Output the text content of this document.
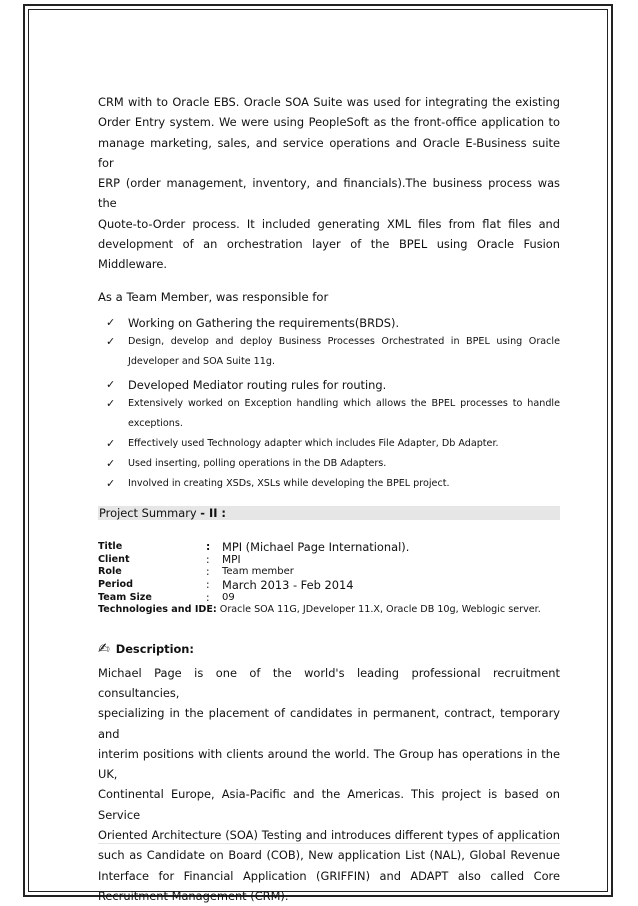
CRM with to Oracle EBS. Oracle SOA Suite was used for integrating the existing
Order Entry system. We were using PeopleSoft as the front-office application to
manage marketing, sales, and service operations and Oracle E-Business suite for
ERP (order management, inventory, and financials).The business process was the
Quote-to-Order process. It included generating XML files from flat files and
development of an orchestration layer of the BPEL using Oracle Fusion Middleware.

As a Team Member, was responsible for
✓ Working on Gathering the requirements(BRDS).
✓ Design, develop and deploy Business Processes Orchestrated in BPEL using Oracle
Jdeveloper and SOA Suite 11g.
✓ Developed Mediator routing rules for routing.
✓ Extensively worked on Exception handling which allows the BPEL processes to handle
exceptions.
✓ Effectively used Technology adapter which includes File Adapter, Db Adapter.
✓ Used inserting, polling operations in the DB Adapters.
✓ Involved in creating XSDs, XSLs while developing the BPEL project.
Project Summary - II :
Title	:	MPI (Michael Page International).
Client	:	MPI
Role	:	Team member
Period	:	March 2013 - Feb 2014
Team Size	:	09
Technologies and IDE: Oracle SOA 11G, JDeveloper 11.X, Oracle DB 10g, Weblogic server.
✍ Description:

Michael Page is one of the world's leading professional recruitment consultancies,
specializing in the placement of candidates in permanent, contract, temporary and
interim positions with clients around the world. The Group has operations in the UK,
Continental Europe, Asia-Pacific and the Americas. This project is based on Service
Oriented Architecture (SOA) Testing and introduces different types of application
such as Candidate on Board (COB), New application List (NAL), Global Revenue
Interface for Financial Application (GRIFFIN) and ADAPT also called Core
Recruitment Management (CRM).
